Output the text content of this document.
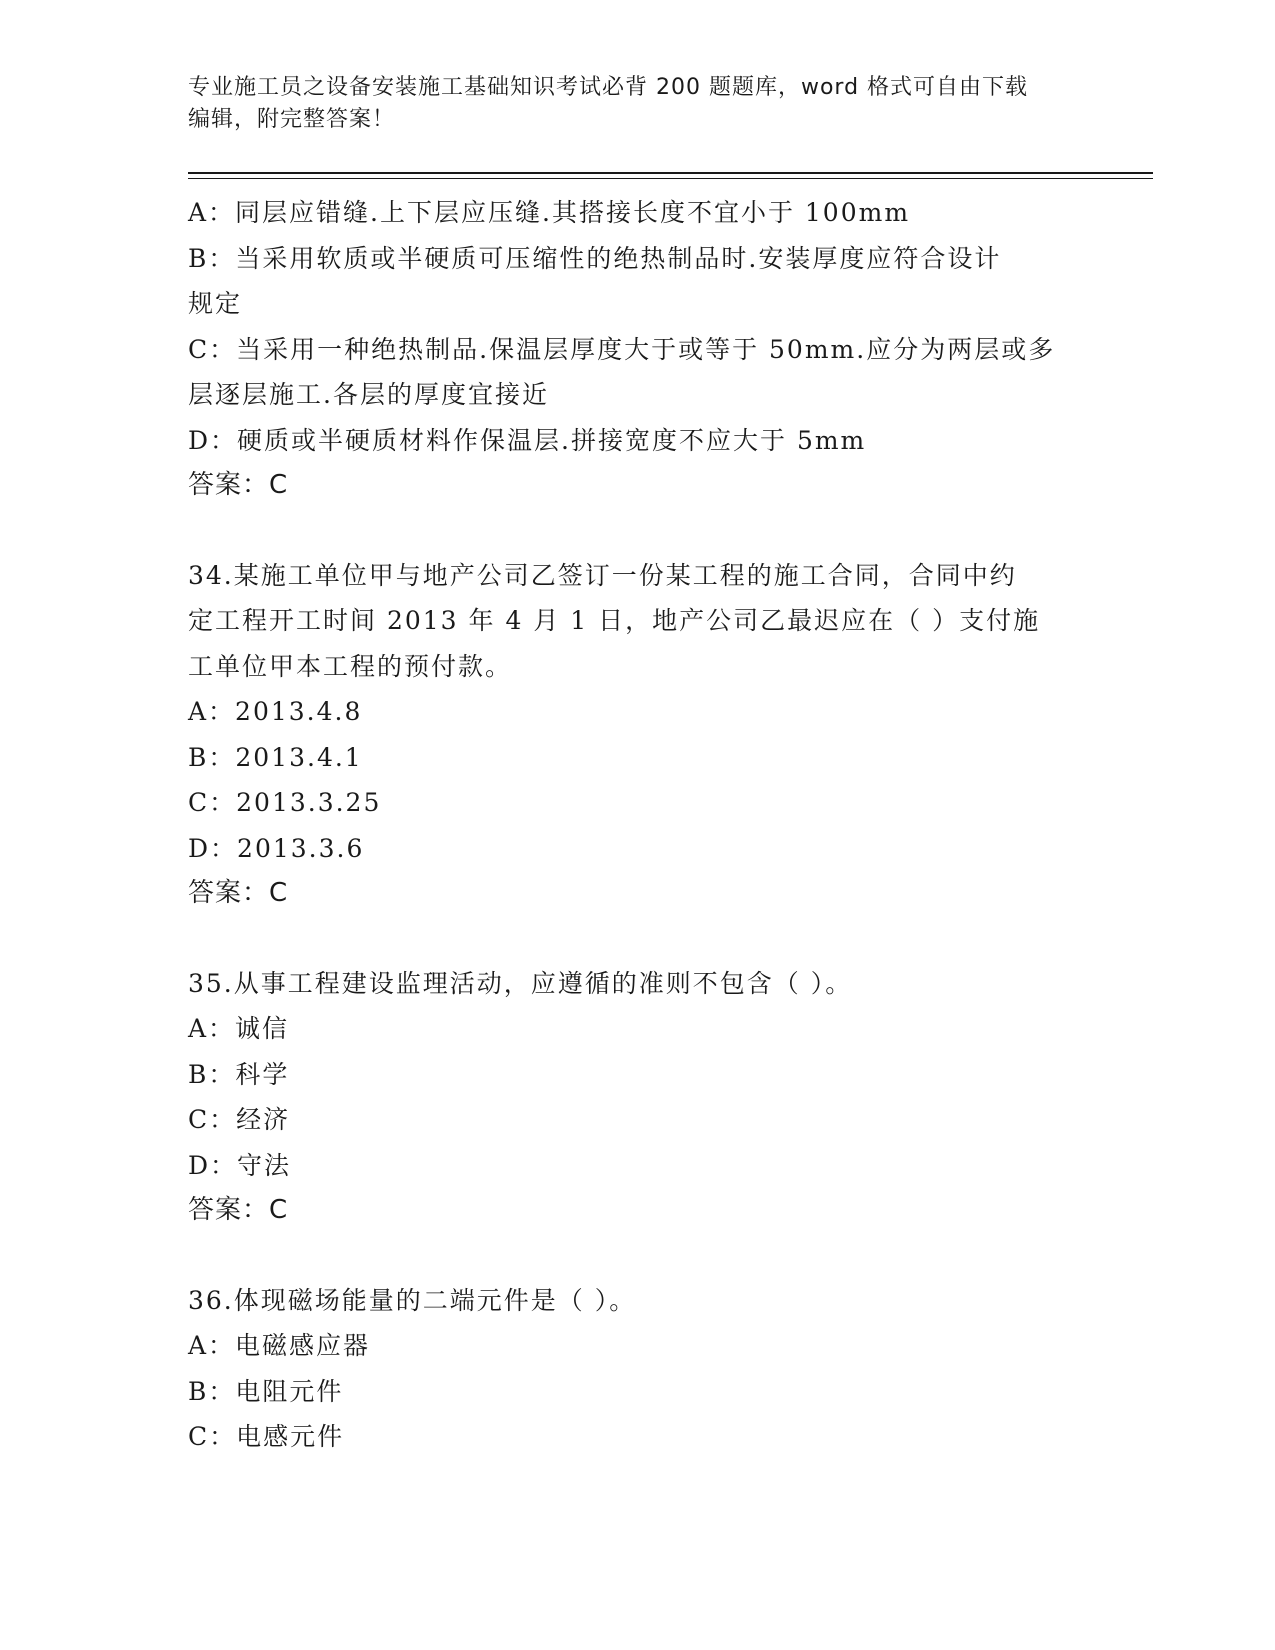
专业施工员之设备安装施工基础知识考试必背 200 题题库，word 格式可自由下载
编辑，附完整答案！
A：同层应错缝.上下层应压缝.其搭接长度不宜小于 100mm
B：当采用软质或半硬质可压缩性的绝热制品时.安装厚度应符合设计
规定
C：当采用一种绝热制品.保温层厚度大于或等于 50mm.应分为两层或多
层逐层施工.各层的厚度宜接近
D：硬质或半硬质材料作保温层.拼接宽度不应大于 5mm
答案：C
34.某施工单位甲与地产公司乙签订一份某工程的施工合同，合同中约
定工程开工时间 2013 年 4 月 1 日，地产公司乙最迟应在（ ）支付施
工单位甲本工程的预付款。
A：2013.4.8
B：2013.4.1
C：2013.3.25
D：2013.3.6
答案：C
35.从事工程建设监理活动，应遵循的准则不包含（ ）。
A：诚信
B：科学
C：经济
D：守法
答案：C
36.体现磁场能量的二端元件是（ ）。
A：电磁感应器
B：电阻元件
C：电感元件
